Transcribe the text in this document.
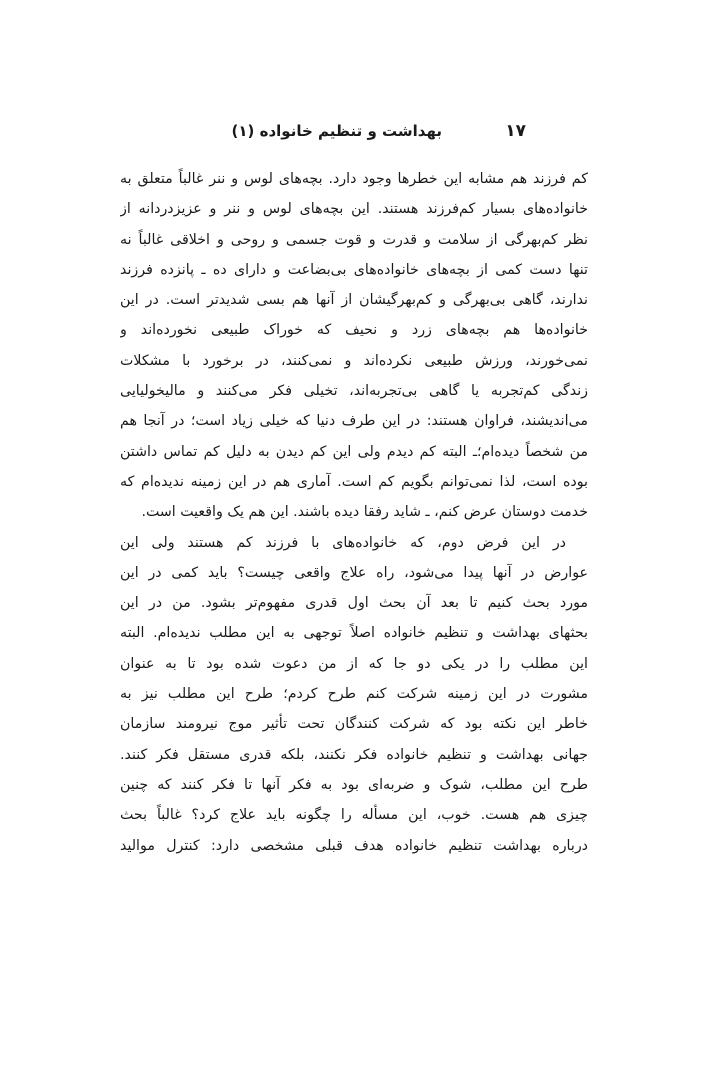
بهداشت و تنظیم خانواده (۱)	۱۷
کم فرزند هم مشابه این خطرها وجود دارد. بچه‌های لوس و ننر غالباً متعلق به
خانواده‌های بسیار کم‌فرزند هستند. این بچه‌های لوس و ننر و عزیزدردانه از
نظر کم‌بهرگی از سلامت و قدرت و قوت جسمی و روحی و اخلاقی غالباً نه
تنها دست کمی از بچه‌های خانواده‌های بی‌بضاعت و دارای ده ـ پانزده فرزند
ندارند، گاهی بی‌بهرگی و کم‌بهرگیشان از آنها هم بسی شدیدتر است. در این
خانواده‌ها هم بچه‌های زرد و نحیف که خوراک طبیعی نخورده‌اند و
نمی‌خورند، ورزش طبیعی نکرده‌اند و نمی‌کنند، در برخورد با مشکلات
زندگی کم‌تجربه یا گاهی بی‌تجربه‌اند، تخیلی فکر می‌کنند و مالیخولیایی
می‌اندیشند، فراوان هستند: در این طرف دنیا که خیلی زیاد است؛ در آنجا هم
من شخصاً دیده‌ام؛ـ البته کم دیدم ولی این کم دیدن به دلیل کم تماس داشتن
بوده است، لذا نمی‌توانم بگویم کم است. آماری هم در این زمینه ندیده‌ام که
خدمت دوستان عرض کنم، ـ شاید رفقا دیده باشند. این هم یک واقعیت است.
در این فرض دوم، که خانواده‌های با فرزند کم هستند ولی این
عوارض در آنها پیدا می‌شود، راه علاج واقعی چیست؟ باید کمی در این
مورد بحث کنیم تا بعد آن بحث اول قدری مفهوم‌تر بشود. من در این
بحثهای بهداشت و تنظیم خانواده اصلاً توجهی به این مطلب ندیده‌ام. البته
این مطلب را در یکی دو جا که از من دعوت شده بود تا به عنوان
مشورت در این زمینه شرکت کنم طرح کردم؛ طرح این مطلب نیز به
خاطر این نکته بود که شرکت کنندگان تحت تأثیر موج نیرومند سازمان
جهانی بهداشت و تنظیم خانواده فکر نکنند، بلکه قدری مستقل فکر کنند.
طرح این مطلب، شوک و ضربه‌ای بود به فکر آنها تا فکر کنند که چنین
چیزی هم هست. خوب، این مسأله را چگونه باید علاج کرد؟ غالباً بحث
درباره بهداشت تنظیم خانواده هدف قبلی مشخصی دارد: کنترل موالید
